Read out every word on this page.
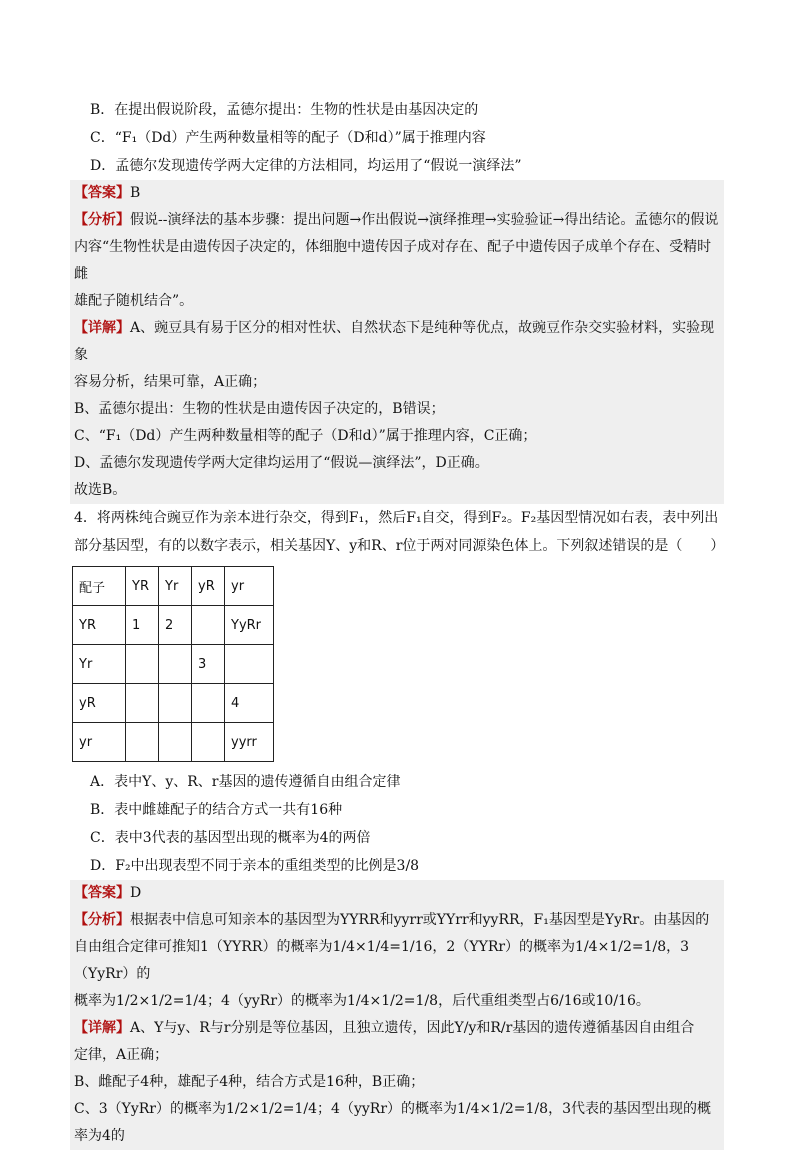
B．在提出假说阶段，孟德尔提出：生物的性状是由基因决定的
C．“F₁（Dd）产生两种数量相等的配子（D和d）”属于推理内容
D．孟德尔发现遗传学两大定律的方法相同，均运用了“假说一演绎法”
【答案】B
【分析】假说--演绎法的基本步骤：提出问题→作出假说→演绎推理→实验验证→得出结论。孟德尔的假说
内容“生物性状是由遗传因子决定的，体细胞中遗传因子成对存在、配子中遗传因子成单个存在、受精时雌
雄配子随机结合”。
【详解】A、豌豆具有易于区分的相对性状、自然状态下是纯种等优点，故豌豆作杂交实验材料，实验现象
容易分析，结果可靠，A正确；
B、孟德尔提出：生物的性状是由遗传因子决定的，B错误；
C、“F₁（Dd）产生两种数量相等的配子（D和d）”属于推理内容，C正确；
D、孟德尔发现遗传学两大定律均运用了“假说—演绎法”，D正确。
故选B。
4．将两株纯合豌豆作为亲本进行杂交，得到F₁，然后F₁自交，得到F₂。F₂基因型情况如右表，表中列出
部分基因型，有的以数字表示，相关基因Y、y和R、r位于两对同源染色体上。下列叙述错误的是（　　）
配子	YR	Yr	yR	yr
YR	1	2		YyRr
Yr			3	
yR				4
yr				yyrr
A．表中Y、y、R、r基因的遗传遵循自由组合定律
B．表中雌雄配子的结合方式一共有16种
C．表中3代表的基因型出现的概率为4的两倍
D．F₂中出现表型不同于亲本的重组类型的比例是3/8
【答案】D
【分析】根据表中信息可知亲本的基因型为YYRR和yyrr或YYrr和yyRR，F₁基因型是YyRr。由基因的
自由组合定律可推知1（YYRR）的概率为1/4×1/4=1/16，2（YYRr）的概率为1/4×1/2=1/8，3（YyRr）的
概率为1/2×1/2=1/4；4（yyRr）的概率为1/4×1/2=1/8，后代重组类型占6/16或10/16。
【详解】A、Y与y、R与r分别是等位基因，且独立遗传，因此Y/y和R/r基因的遗传遵循基因自由组合
定律，A正确；
B、雌配子4种，雄配子4种，结合方式是16种，B正确；
C、3（YyRr）的概率为1/2×1/2=1/4；4（yyRr）的概率为1/4×1/2=1/8，3代表的基因型出现的概率为4的
